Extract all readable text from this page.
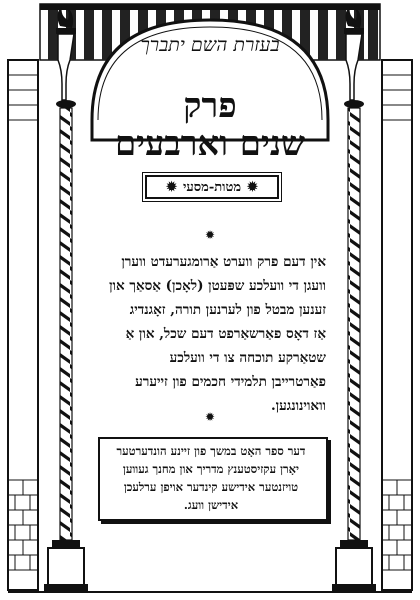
בעזרת השם יתברך
פרק
שנים וארבעים
✹
מטות-מסעי
✹
✹
אין דעם פרק ווערט אַרומגערעדט ווערן
וועגן די וועלכע שפּעטן (לאָכן) אַסאַך און
זענען מבטל פון לערנען תורה, זאָגנדיג
אַז דאָס פאַרשאַרפט דעם שכל, און אַ
שטאַרקע תוכחה צו די וועלכע
פאַרטרייבן תלמידי חכמים פון זייערע
וואוינונגען.
✹
דער ספר האָט במשך פון זיינע הונדערטער
יאָרן עקזיסטענץ מדריך און מחנך געווען
טויזנטער אידישע קינדער אויפן ערלעכן
אידישן וועג.
